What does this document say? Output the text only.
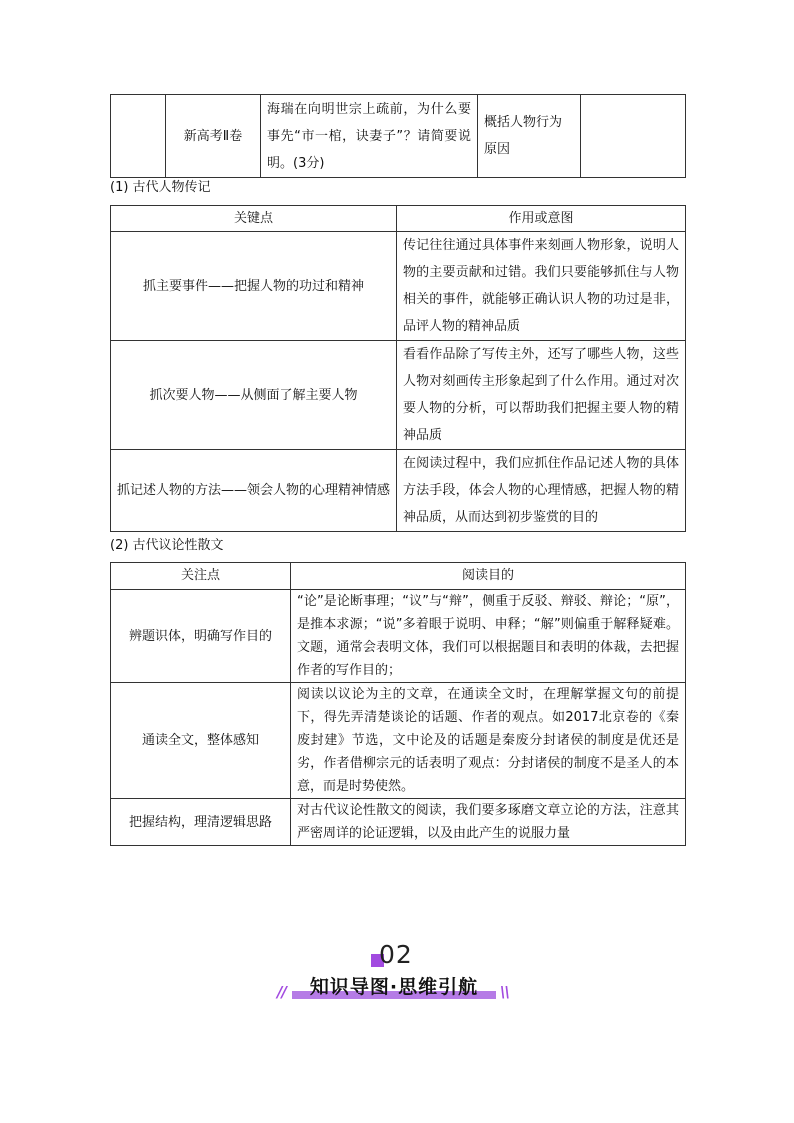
	新高考Ⅱ卷	海瑞在向明世宗上疏前，为什么要事先“市一棺，诀妻子”？请简要说明。(3分)	概括人物行为原因	
(1) 古代人物传记
关键点	作用或意图
抓主要事件——把握人物的功过和精神	传记往往通过具体事件来刻画人物形象，说明人物的主要贡献和过错。我们只要能够抓住与人物相关的事件，就能够正确认识人物的功过是非，品评人物的精神品质
抓次要人物——从侧面了解主要人物	看看作品除了写传主外，还写了哪些人物，这些人物对刻画传主形象起到了什么作用。通过对次要人物的分析，可以帮助我们把握主要人物的精神品质
抓记述人物的方法——领会人物的心理精神情感	在阅读过程中，我们应抓住作品记述人物的具体方法手段，体会人物的心理情感，把握人物的精神品质，从而达到初步鉴赏的目的
(2) 古代议论性散文
关注点	阅读目的
辨题识体，明确写作目的	“论”是论断事理；“议”与“辩”，侧重于反驳、辩驳、辩论；“原”，是推本求源；“说”多着眼于说明、申释；“解”则偏重于解释疑难。文题，通常会表明文体，我们可以根据题目和表明的体裁，去把握作者的写作目的；
通读全文，整体感知	阅读以议论为主的文章，在通读全文时，在理解掌握文句的前提下，得先弄清楚谈论的话题、作者的观点。如2017北京卷的《秦废封建》节选，文中论及的话题是秦废分封诸侯的制度是优还是劣，作者借柳宗元的话表明了观点：分封诸侯的制度不是圣人的本意，而是时势使然。
把握结构，理清逻辑思路	对古代议论性散文的阅读，我们要多琢磨文章立论的方法，注意其严密周详的论证逻辑，以及由此产生的说服力量
02
//	知识导图·思维引航	\\
